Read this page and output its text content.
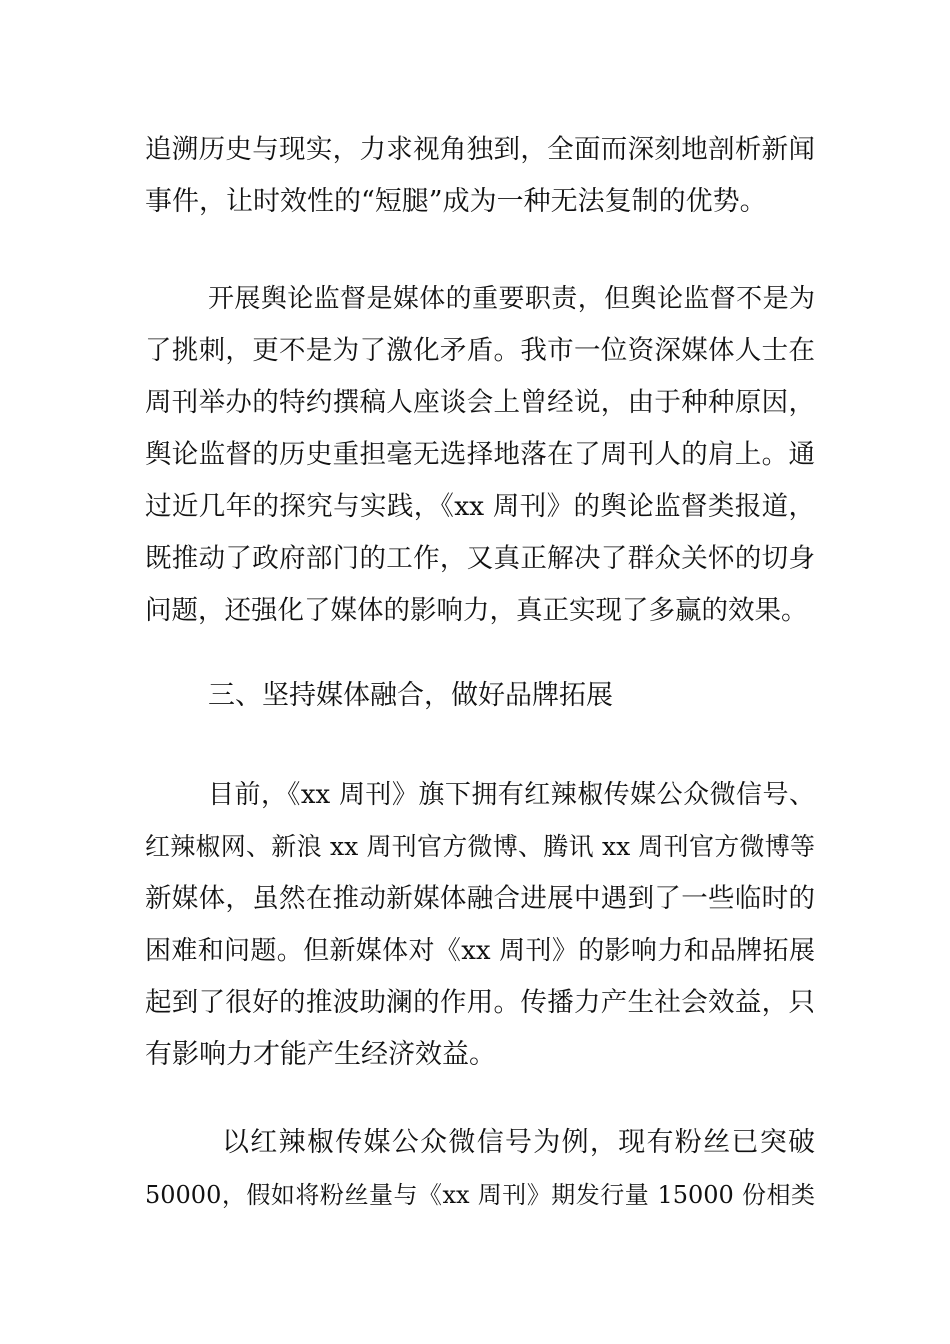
追溯历史与现实，力求视角独到，全面而深刻地剖析新闻
事件，让时效性的“短腿”成为一种无法复制的优势。
开展舆论监督是媒体的重要职责，但舆论监督不是为
了挑刺，更不是为了激化矛盾。我市一位资深媒体人士在
周刊举办的特约撰稿人座谈会上曾经说，由于种种原因，
舆论监督的历史重担毫无选择地落在了周刊人的肩上。通
过近几年的探究与实践，《xx 周刊》的舆论监督类报道，
既推动了政府部门的工作，又真正解决了群众关怀的切身
问题，还强化了媒体的影响力，真正实现了多赢的效果。
三、坚持媒体融合，做好品牌拓展
目前，《xx 周刊》旗下拥有红辣椒传媒公众微信号、
红辣椒网、新浪 xx 周刊官方微博、腾讯 xx 周刊官方微博等
新媒体，虽然在推动新媒体融合进展中遇到了一些临时的
困难和问题。但新媒体对《xx 周刊》的影响力和品牌拓展
起到了很好的推波助澜的作用。传播力产生社会效益，只
有影响力才能产生经济效益。
以红辣椒传媒公众微信号为例，现有粉丝已突破
50000，假如将粉丝量与《xx 周刊》期发行量 15000 份相类
